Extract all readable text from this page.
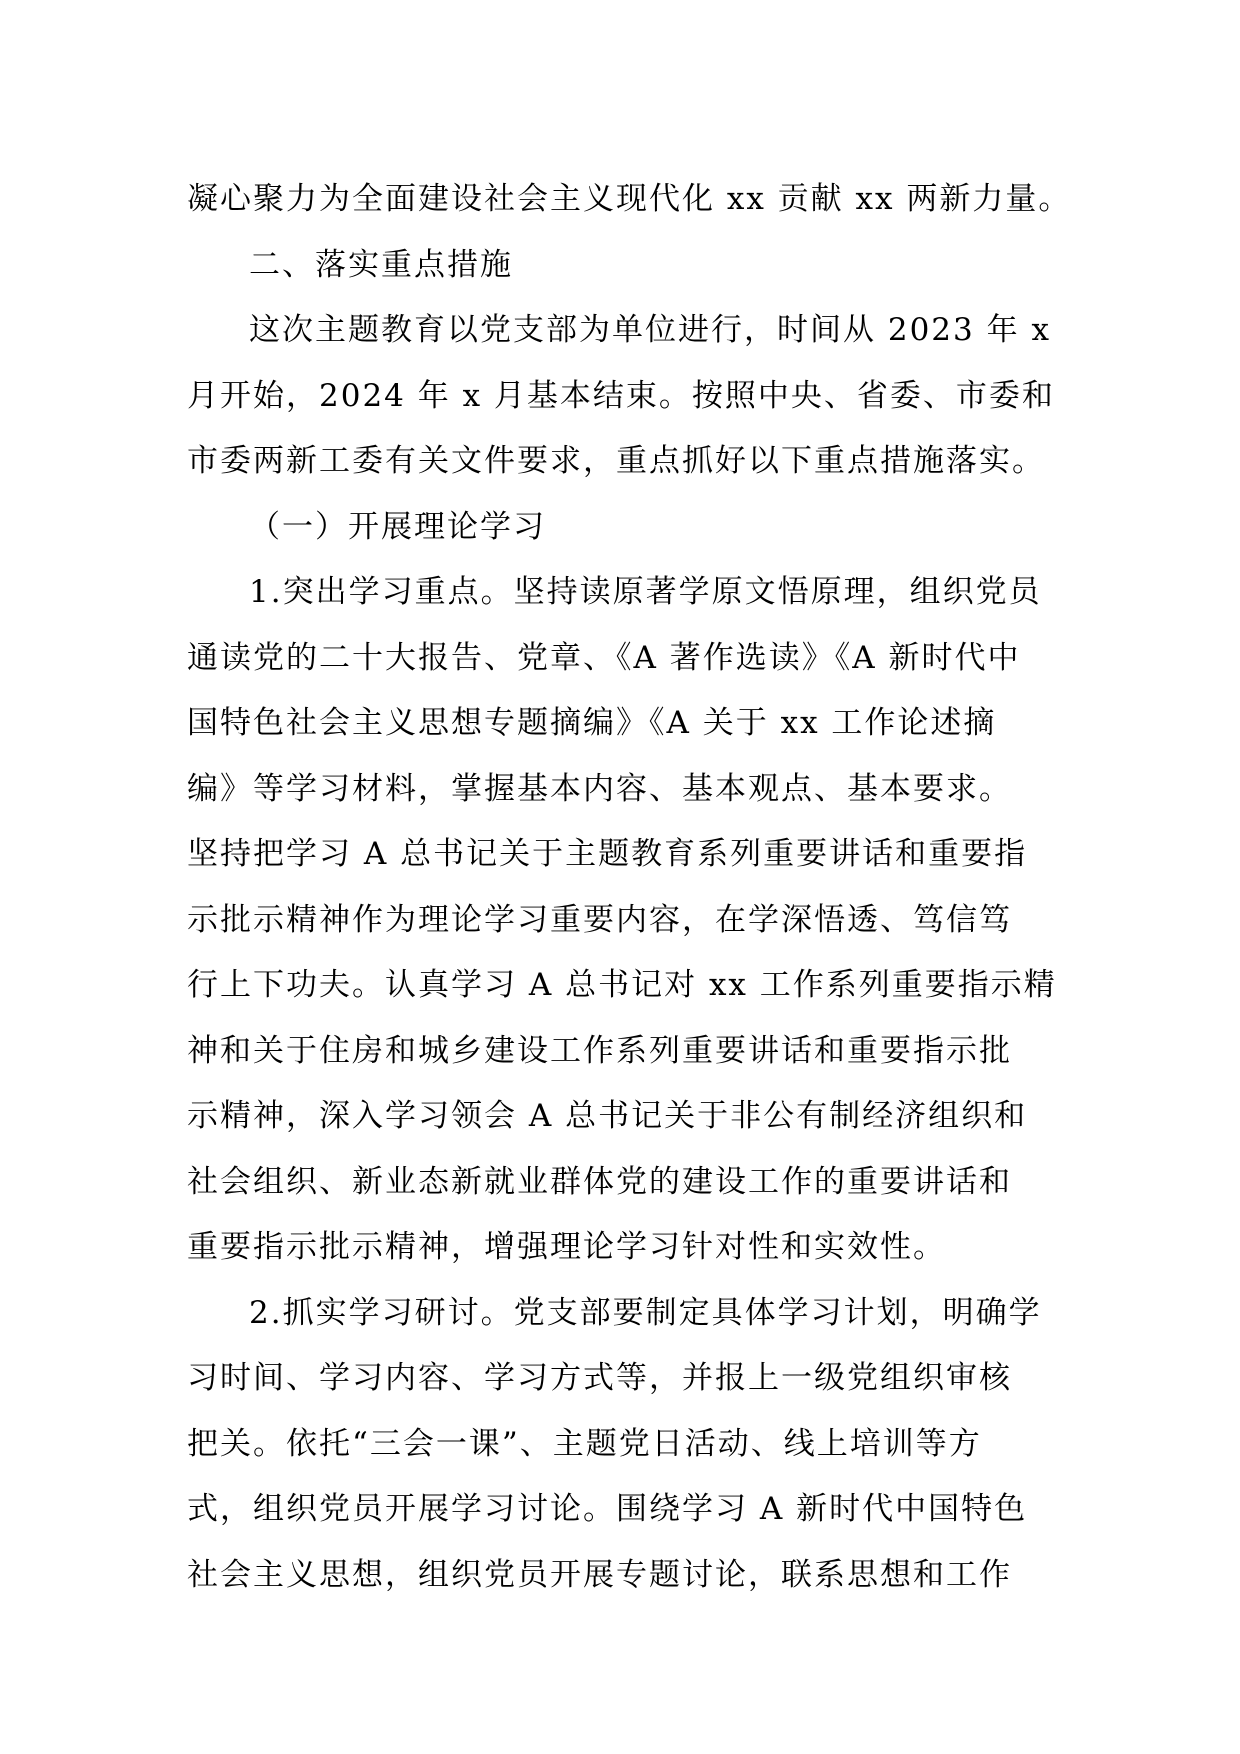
凝心聚力为全面建设社会主义现代化 xx 贡献 xx 两新力量。
二、落实重点措施
这次主题教育以党支部为单位进行，时间从 2023 年 x
月开始，2024 年 x 月基本结束。按照中央、省委、市委和
市委两新工委有关文件要求，重点抓好以下重点措施落实。
（一）开展理论学习
1.突出学习重点。坚持读原著学原文悟原理，组织党员
通读党的二十大报告、党章、《A 著作选读》《A 新时代中
国特色社会主义思想专题摘编》《A 关于 xx 工作论述摘
编》等学习材料，掌握基本内容、基本观点、基本要求。
坚持把学习 A 总书记关于主题教育系列重要讲话和重要指
示批示精神作为理论学习重要内容，在学深悟透、笃信笃
行上下功夫。认真学习 A 总书记对 xx 工作系列重要指示精
神和关于住房和城乡建设工作系列重要讲话和重要指示批
示精神，深入学习领会 A 总书记关于非公有制经济组织和
社会组织、新业态新就业群体党的建设工作的重要讲话和
重要指示批示精神，增强理论学习针对性和实效性。
2.抓实学习研讨。党支部要制定具体学习计划，明确学
习时间、学习内容、学习方式等，并报上一级党组织审核
把关。依托“三会一课”、主题党日活动、线上培训等方
式，组织党员开展学习讨论。围绕学习 A 新时代中国特色
社会主义思想，组织党员开展专题讨论，联系思想和工作
